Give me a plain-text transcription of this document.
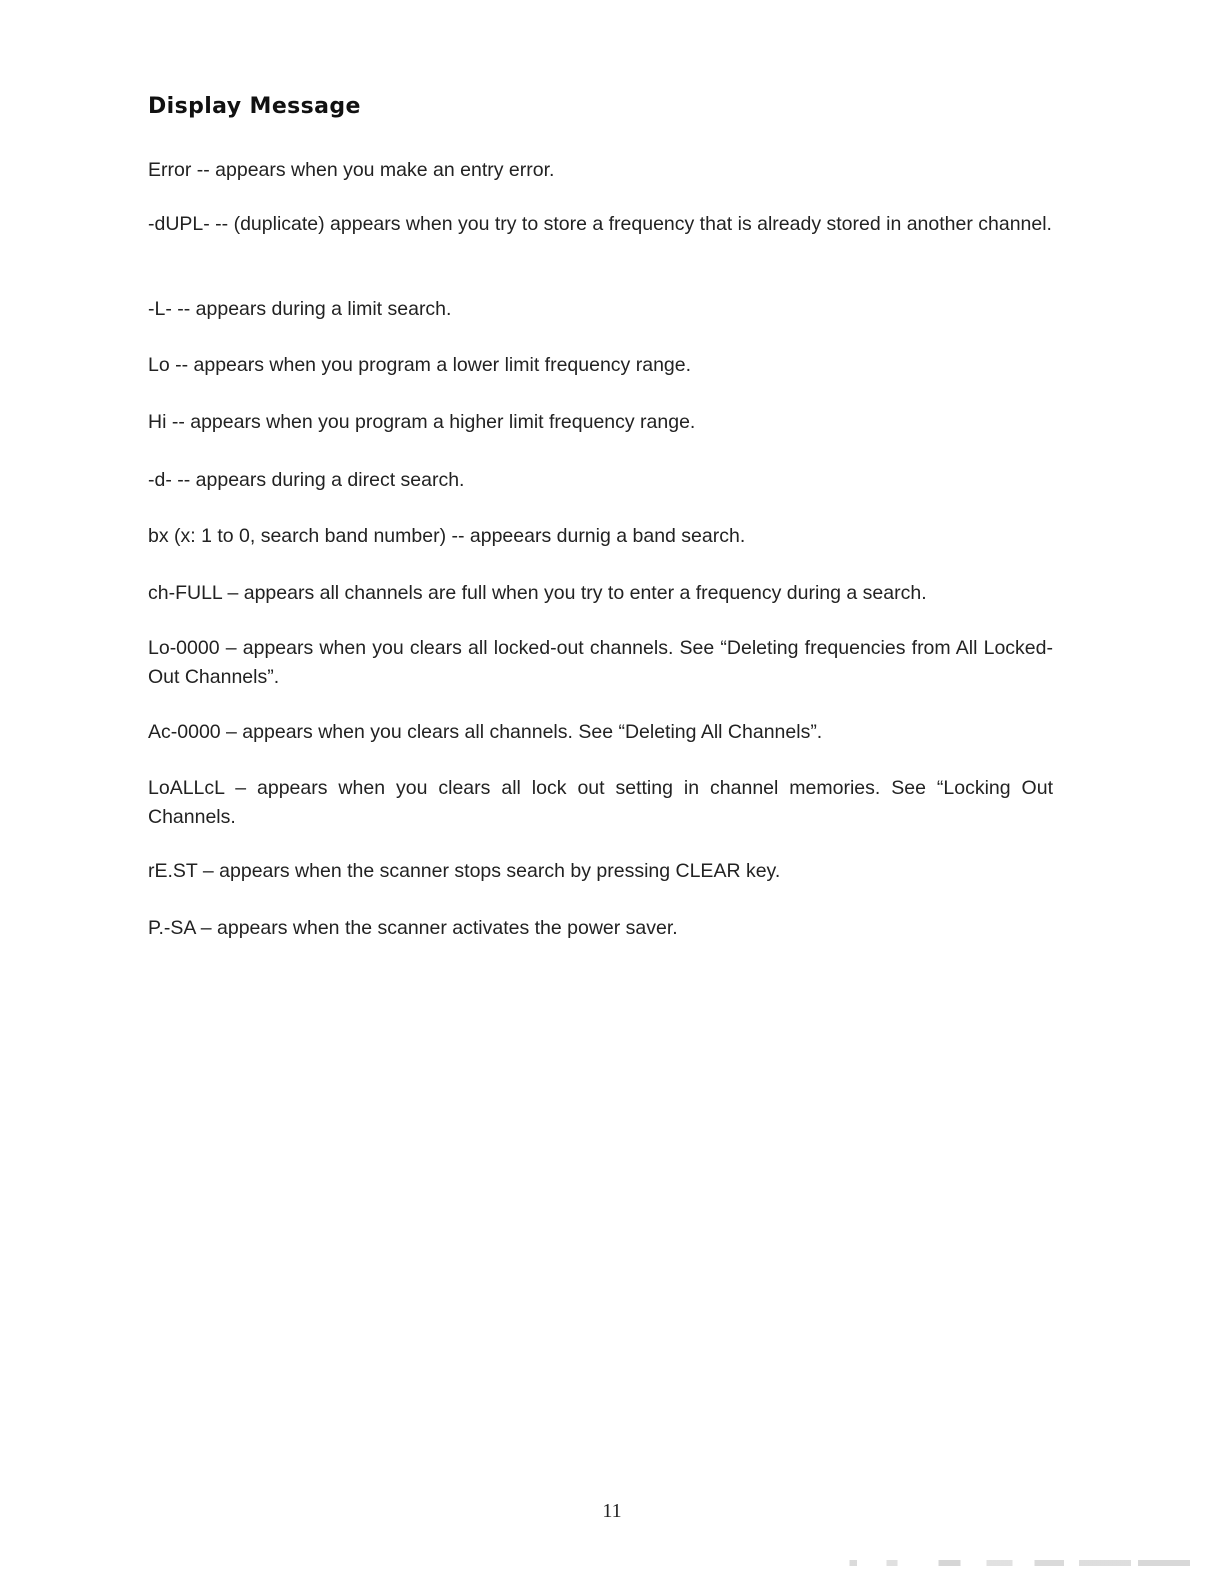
Display Message

Error -- appears when you make an entry error.

-dUPL- -- (duplicate) appears when you try to store a frequency that is already stored in another channel.

-L- -- appears during a limit search.

Lo -- appears when you program a lower limit frequency range.

Hi -- appears when you program a higher limit frequency range.

-d- -- appears during a direct search.

bx (x: 1 to 0, search band number) -- appeears durnig a band search.

ch-FULL – appears all channels are full when you try to enter a frequency during a search.

Lo-0000 – appears when you clears all locked-out channels. See “Deleting frequencies from All Locked-Out Channels”.

Ac-0000 – appears when you clears all channels. See “Deleting All Channels”.

LoALLcL – appears when you clears all lock out setting in channel memories. See “Locking Out Channels.

rE.ST – appears when the scanner stops search by pressing CLEAR key.

P.-SA – appears when the scanner activates the power saver.

11
